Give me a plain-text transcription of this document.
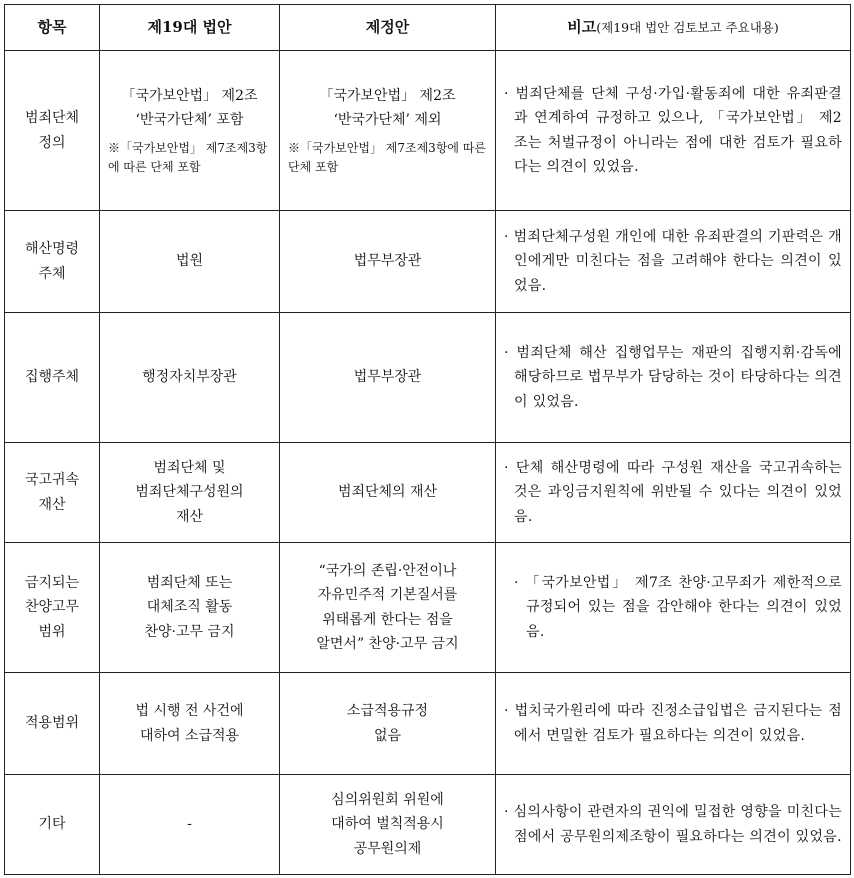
항목	제19대 법안	제정안	비고(제19대 법안 검토보고 주요내용)

범죄단체
정의	「국가보안법」 제2조
‘반국가단체’ 포함
※「국가보안법」 제7조제3항에 따른 단체 포함	「국가보안법」 제2조
‘반국가단체’ 제외
※「국가보안법」 제7조제3항에 따른 단체 포함	· 범죄단체를 단체 구성·가입·활동죄에 대한 유죄판결과 연계하여 규정하고 있으나, 「국가보안법」 제2조는 처벌규정이 아니라는 점에 대한 검토가 필요하다는 의견이 있었음.

해산명령
주체	법원	법무부장관	· 범죄단체구성원 개인에 대한 유죄판결의 기판력은 개인에게만 미친다는 점을 고려해야 한다는 의견이 있었음.

집행주체	행정자치부장관	법무부장관	· 범죄단체 해산 집행업무는 재판의 집행지휘·감독에 해당하므로 법무부가 담당하는 것이 타당하다는 의견이 있었음.

국고귀속
재산	범죄단체 및
범죄단체구성원의
재산	범죄단체의 재산	· 단체 해산명령에 따라 구성원 재산을 국고귀속하는 것은 과잉금지원칙에 위반될 수 있다는 의견이 있었음.

금지되는
찬양고무
범위	범죄단체 또는
대체조직 활동
찬양·고무 금지	“국가의 존립·안전이나
자유민주적 기본질서를
위태롭게 한다는 점을
알면서” 찬양·고무 금지	· 「국가보안법」 제7조 찬양·고무죄가 제한적으로 규정되어 있는 점을 감안해야 한다는 의견이 있었음.

적용범위	법 시행 전 사건에
대하여 소급적용	소급적용규정
없음	· 법치국가원리에 따라 진정소급입법은 금지된다는 점에서 면밀한 검토가 필요하다는 의견이 있었음.

기타	-	심의위원회 위원에
대하여 벌칙적용시
공무원의제	· 심의사항이 관련자의 권익에 밀접한 영향을 미친다는 점에서 공무원의제조항이 필요하다는 의견이 있었음.
